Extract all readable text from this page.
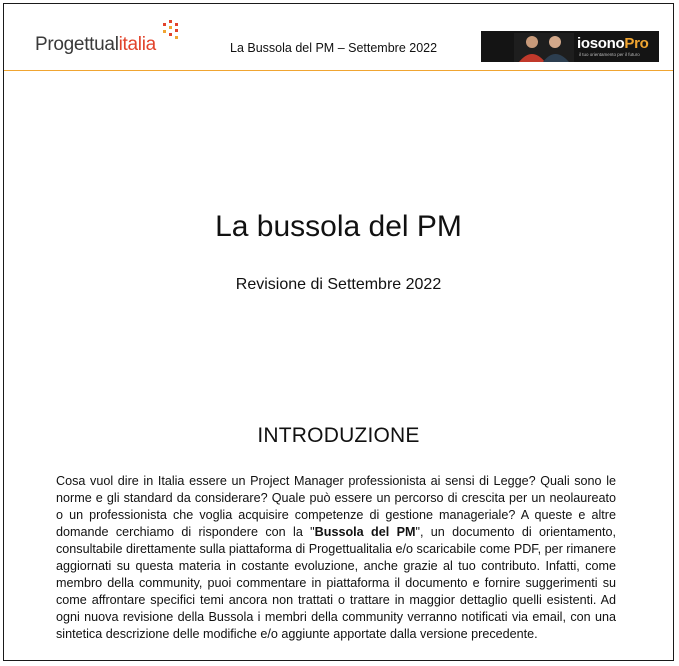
Progettualitalia	La Bussola del PM – Settembre 2022	iosonoPro
il tuo orientamento per il futuro
La bussola del PM
Revisione di Settembre 2022
INTRODUZIONE

Cosa vuol dire in Italia essere un Project Manager professionista ai sensi di Legge? Quali sono le norme e gli standard da considerare? Quale può essere un percorso di crescita per un neolaureato o un professionista che voglia acquisire competenze di gestione manageriale? A queste e altre domande cerchiamo di rispondere con la "Bussola del PM", un documento di orientamento, consultabile direttamente sulla piattaforma di Progettualitalia e/o scaricabile come PDF, per rimanere aggiornati su questa materia in costante evoluzione, anche grazie al tuo contributo. Infatti, come membro della community, puoi commentare in piattaforma il documento e fornire suggerimenti su come affrontare specifici temi ancora non trattati o trattare in maggior dettaglio quelli esistenti. Ad ogni nuova revisione della Bussola i membri della community verranno notificati via email, con una sintetica descrizione delle modifiche e/o aggiunte apportate dalla versione precedente.
